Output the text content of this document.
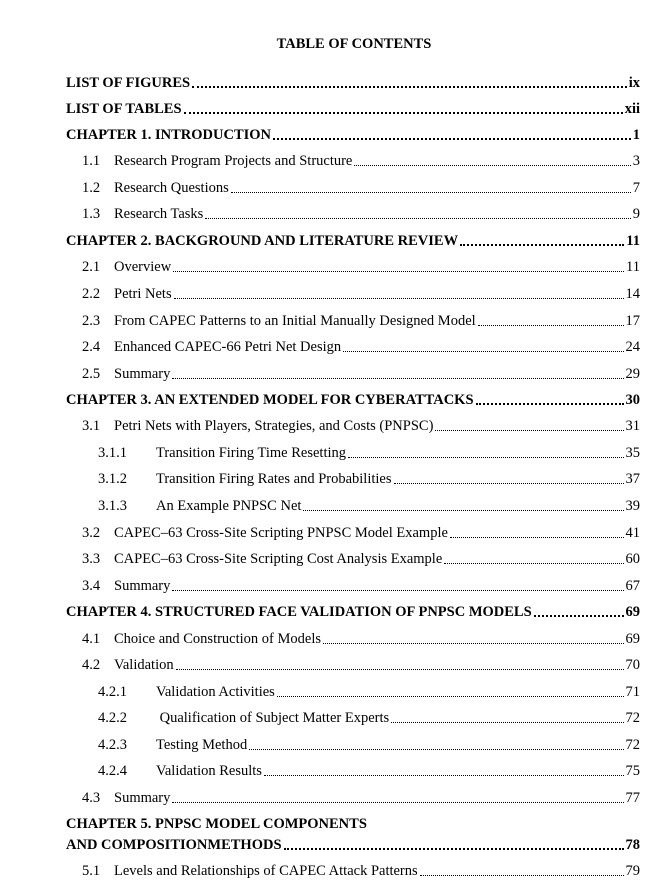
TABLE OF CONTENTS
LIST OF FIGURES	ix
LIST OF TABLES	xii
CHAPTER 1. INTRODUCTION	1
1.1 Research Program Projects and Structure	3
1.2 Research Questions	7
1.3 Research Tasks	9
CHAPTER 2. BACKGROUND AND LITERATURE REVIEW	11
2.1 Overview	11
2.2 Petri Nets	14
2.3 From CAPEC Patterns to an Initial Manually Designed Model	17
2.4 Enhanced CAPEC-66 Petri Net Design	24
2.5 Summary	29
CHAPTER 3. AN EXTENDED MODEL FOR CYBERATTACKS	30
3.1 Petri Nets with Players, Strategies, and Costs (PNPSC)	31
3.1.1	Transition Firing Time Resetting	35
3.1.2	Transition Firing Rates and Probabilities	37
3.1.3	An Example PNPSC Net	39
3.2 CAPEC–63 Cross-Site Scripting PNPSC Model Example	41
3.3 CAPEC–63 Cross-Site Scripting Cost Analysis Example	60
3.4 Summary	67
CHAPTER 4. STRUCTURED FACE VALIDATION OF PNPSC MODELS	69
4.1 Choice and Construction of Models	69
4.2 Validation	70
4.2.1	Validation Activities	71
4.2.2	Qualification of Subject Matter Experts	72
4.2.3	Testing Method	72
4.2.4	Validation Results	75
4.3 Summary	77
CHAPTER 5. PNPSC MODEL COMPONENTS
AND COMPOSITIONMETHODS	78
5.1 Levels and Relationships of CAPEC Attack Patterns	79
